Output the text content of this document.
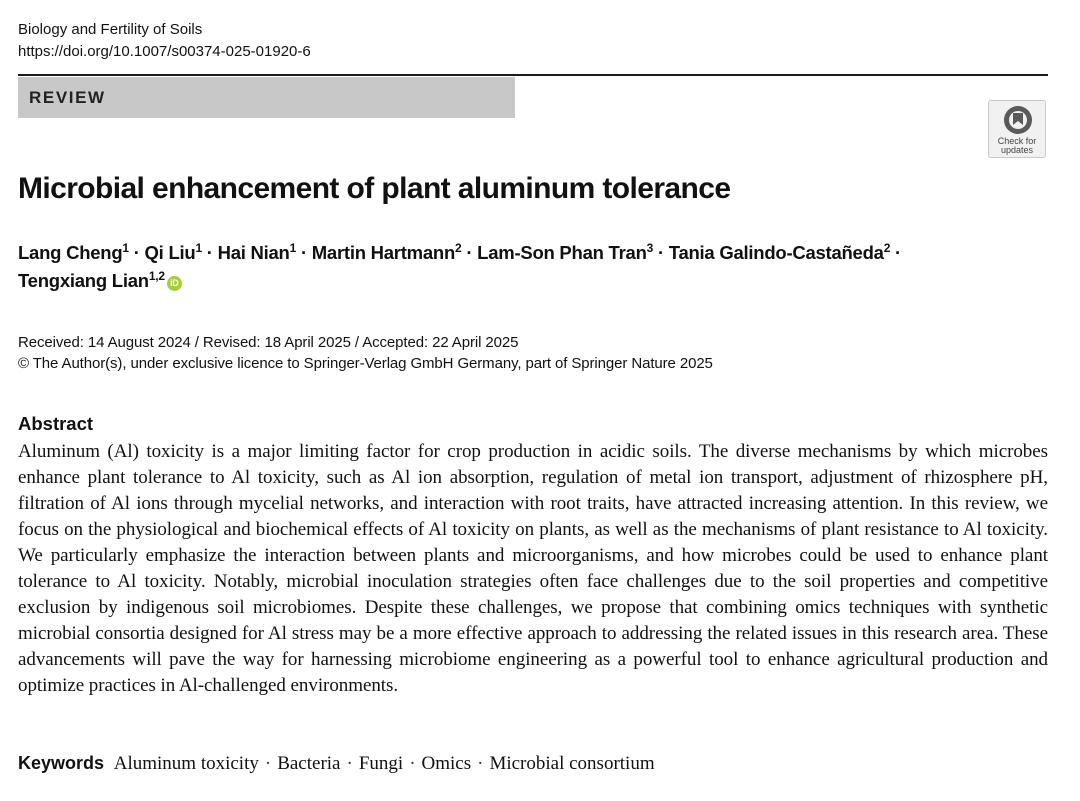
Biology and Fertility of Soils
https://doi.org/10.1007/s00374-025-01920-6
REVIEW
Check for
updates
Microbial enhancement of plant aluminum tolerance
Lang Cheng$^1$ · Qi Liu$^1$ · Hai Nian$^1$ · Martin Hartmann$^2$ · Lam-Son Phan Tran$^3$ · Tania Galindo-Castañeda$^2$ ·
Tengxiang Lian$^{1,2}$ iD
Received: 14 August 2024 / Revised: 18 April 2025 / Accepted: 22 April 2025
© The Author(s), under exclusive licence to Springer-Verlag GmbH Germany, part of Springer Nature 2025
Abstract

Aluminum (Al) toxicity is a major limiting factor for crop production in acidic soils. The diverse mechanisms by which microbes enhance plant tolerance to Al toxicity, such as Al ion absorption, regulation of metal ion transport, adjustment of rhizosphere pH, filtration of Al ions through mycelial networks, and interaction with root traits, have attracted increasing attention. In this review, we focus on the physiological and biochemical effects of Al toxicity on plants, as well as the mechanisms of plant resistance to Al toxicity. We particularly emphasize the interaction between plants and microorganisms, and how microbes could be used to enhance plant tolerance to Al toxicity. Notably, microbial inoculation strategies often face challenges due to the soil properties and competitive exclusion by indigenous soil microbiomes. Despite these challenges, we propose that combining omics techniques with synthetic microbial consortia designed for Al stress may be a more effective approach to addressing the related issues in this research area. These advancements will pave the way for harnessing microbiome engineering as a powerful tool to enhance agricultural production and optimize practices in Al-challenged environments.

Keywords Aluminum toxicity · Bacteria · Fungi · Omics · Microbial consortium
